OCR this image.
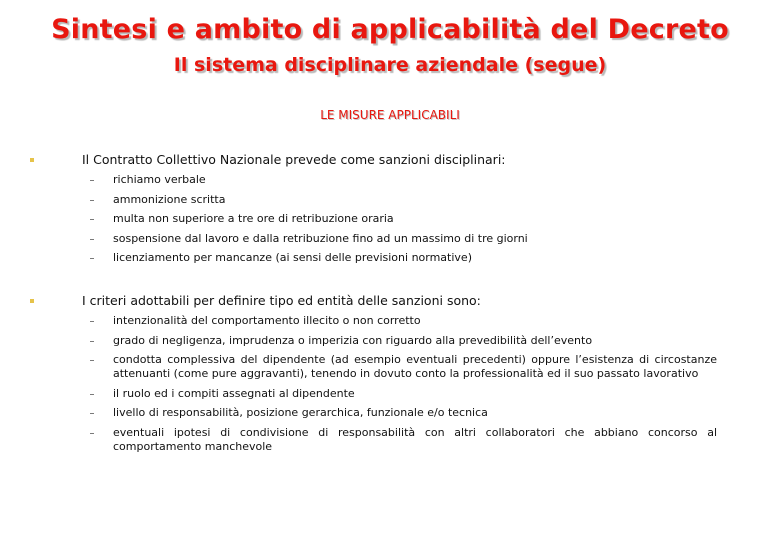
Sintesi e ambito di applicabilità del Decreto
Il sistema disciplinare aziendale (segue)
LE MISURE APPLICABILI
Il Contratto Collettivo Nazionale prevede come sanzioni disciplinari:
richiamo verbale
ammonizione scritta
multa non superiore a tre ore di retribuzione oraria
sospensione dal lavoro e dalla retribuzione fino ad un massimo di tre giorni
licenziamento per mancanze (ai sensi delle previsioni normative)
I criteri adottabili per definire tipo ed entità delle sanzioni sono:
intenzionalità del comportamento illecito o non corretto
grado di negligenza, imprudenza o imperizia con riguardo alla prevedibilità dell’evento
condotta complessiva del dipendente (ad esempio eventuali precedenti) oppure l’esistenza di circostanze attenuanti (come pure aggravanti), tenendo in dovuto conto la professionalità ed il suo passato lavorativo
il ruolo ed i compiti assegnati al dipendente
livello di responsabilità, posizione gerarchica, funzionale e/o tecnica
eventuali ipotesi di condivisione di responsabilità con altri collaboratori che abbiano concorso al comportamento manchevole
